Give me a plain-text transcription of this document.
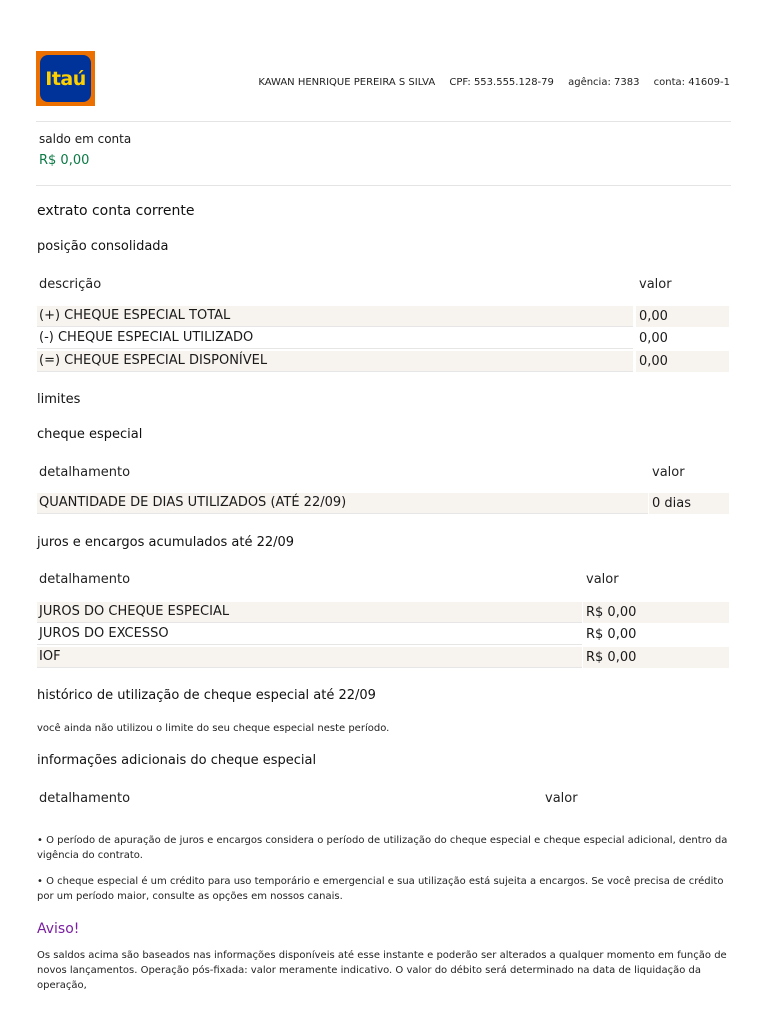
Itaú	KAWAN HENRIQUE PEREIRA S SILVA CPF: 553.555.128-79 agência: 7383 conta: 41609-1
saldo em conta
R$ 0,00
extrato conta corrente
posição consolidada
descrição	valor
(+) CHEQUE ESPECIAL TOTAL	0,00
(-) CHEQUE ESPECIAL UTILIZADO	0,00
(=) CHEQUE ESPECIAL DISPONÍVEL	0,00
limites
cheque especial
detalhamento	valor
QUANTIDADE DE DIAS UTILIZADOS (ATÉ 22/09)	0 dias
juros e encargos acumulados até 22/09
detalhamento	valor
JUROS DO CHEQUE ESPECIAL	R$ 0,00
JUROS DO EXCESSO	R$ 0,00
IOF	R$ 0,00
histórico de utilização de cheque especial até 22/09
você ainda não utilizou o limite do seu cheque especial neste período.
informações adicionais do cheque especial
detalhamento	valor
• O período de apuração de juros e encargos considera o período de utilização do cheque especial e cheque especial adicional, dentro da vigência do contrato.
• O cheque especial é um crédito para uso temporário e emergencial e sua utilização está sujeita a encargos. Se você precisa de crédito por um período maior, consulte as opções em nossos canais.
Aviso!
Os saldos acima são baseados nas informações disponíveis até esse instante e poderão ser alterados a qualquer momento em função de novos lançamentos. Operação pós-fixada: valor meramente indicativo. O valor do débito será determinado na data de liquidação da operação,
